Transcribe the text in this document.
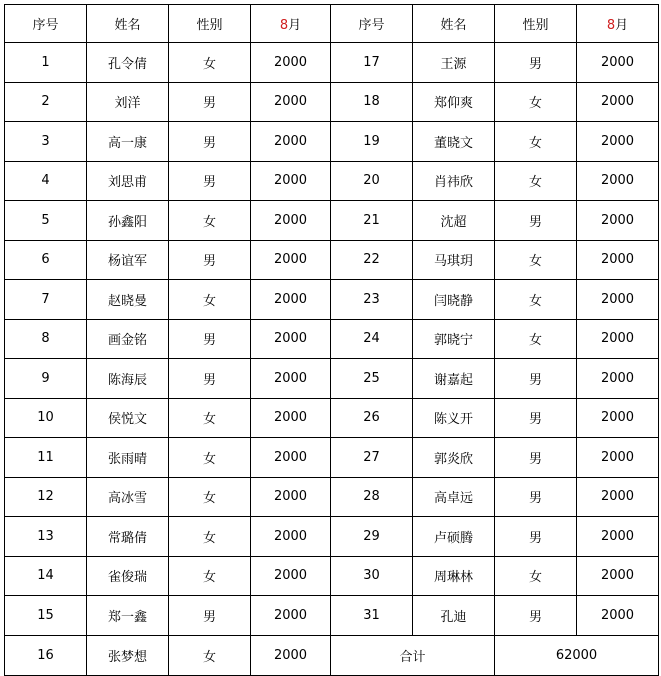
序号	姓名	性别	8月	序号	姓名	性别	8月
1	孔令倩	女	2000	17	王源	男	2000
2	刘洋	男	2000	18	郑仰爽	女	2000
3	高一康	男	2000	19	董晓文	女	2000
4	刘思甫	男	2000	20	肖祎欣	女	2000
5	孙鑫阳	女	2000	21	沈超	男	2000
6	杨谊军	男	2000	22	马琪玥	女	2000
7	赵晓曼	女	2000	23	闫晓静	女	2000
8	画金铭	男	2000	24	郭晓宁	女	2000
9	陈海辰	男	2000	25	谢嘉起	男	2000
10	侯悦文	女	2000	26	陈义开	男	2000
11	张雨晴	女	2000	27	郭炎欣	男	2000
12	高冰雪	女	2000	28	高卓远	男	2000
13	常璐倩	女	2000	29	卢硕腾	男	2000
14	雀俊瑞	女	2000	30	周琳林	女	2000
15	郑一鑫	男	2000	31	孔迪	男	2000
16	张梦想	女	2000	合计		62000	
